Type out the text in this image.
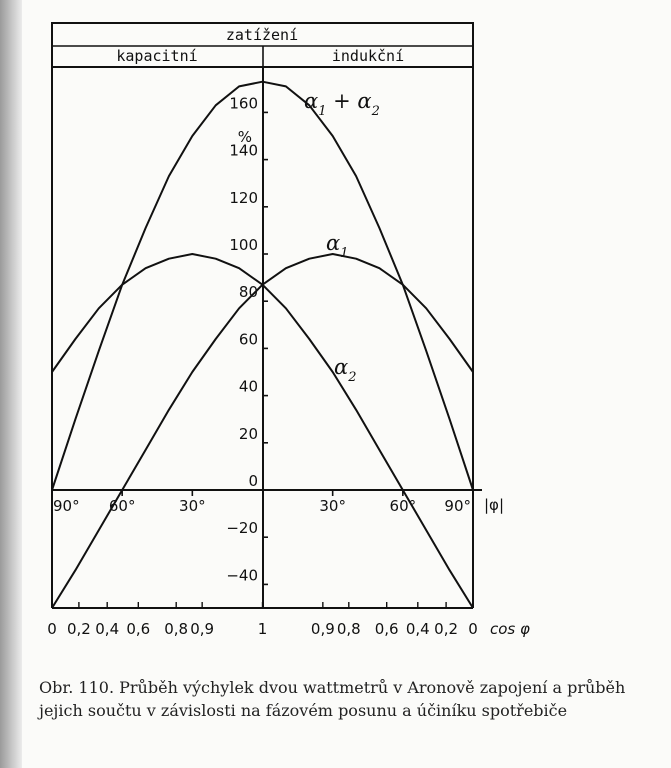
zatížení
kapacitní	indukční
%
|φ|
cos φ
160
140
120
100
80
60
40
20
0
−20
−40
90° 60°	30°	30°	60° 90°
0 0,2 0,4 0,6 0,8 0,9	1	0,9 0,8 0,6 0,4 0,2 0
$\alpha_1 + \alpha_2$
$\alpha_1$
$\alpha_2$
Obr. 110. Průběh výchylek dvou wattmetrů v Aronově zapojení a průběh jejich součtu v závislosti na fázovém posunu a účiníku spotřebiče
